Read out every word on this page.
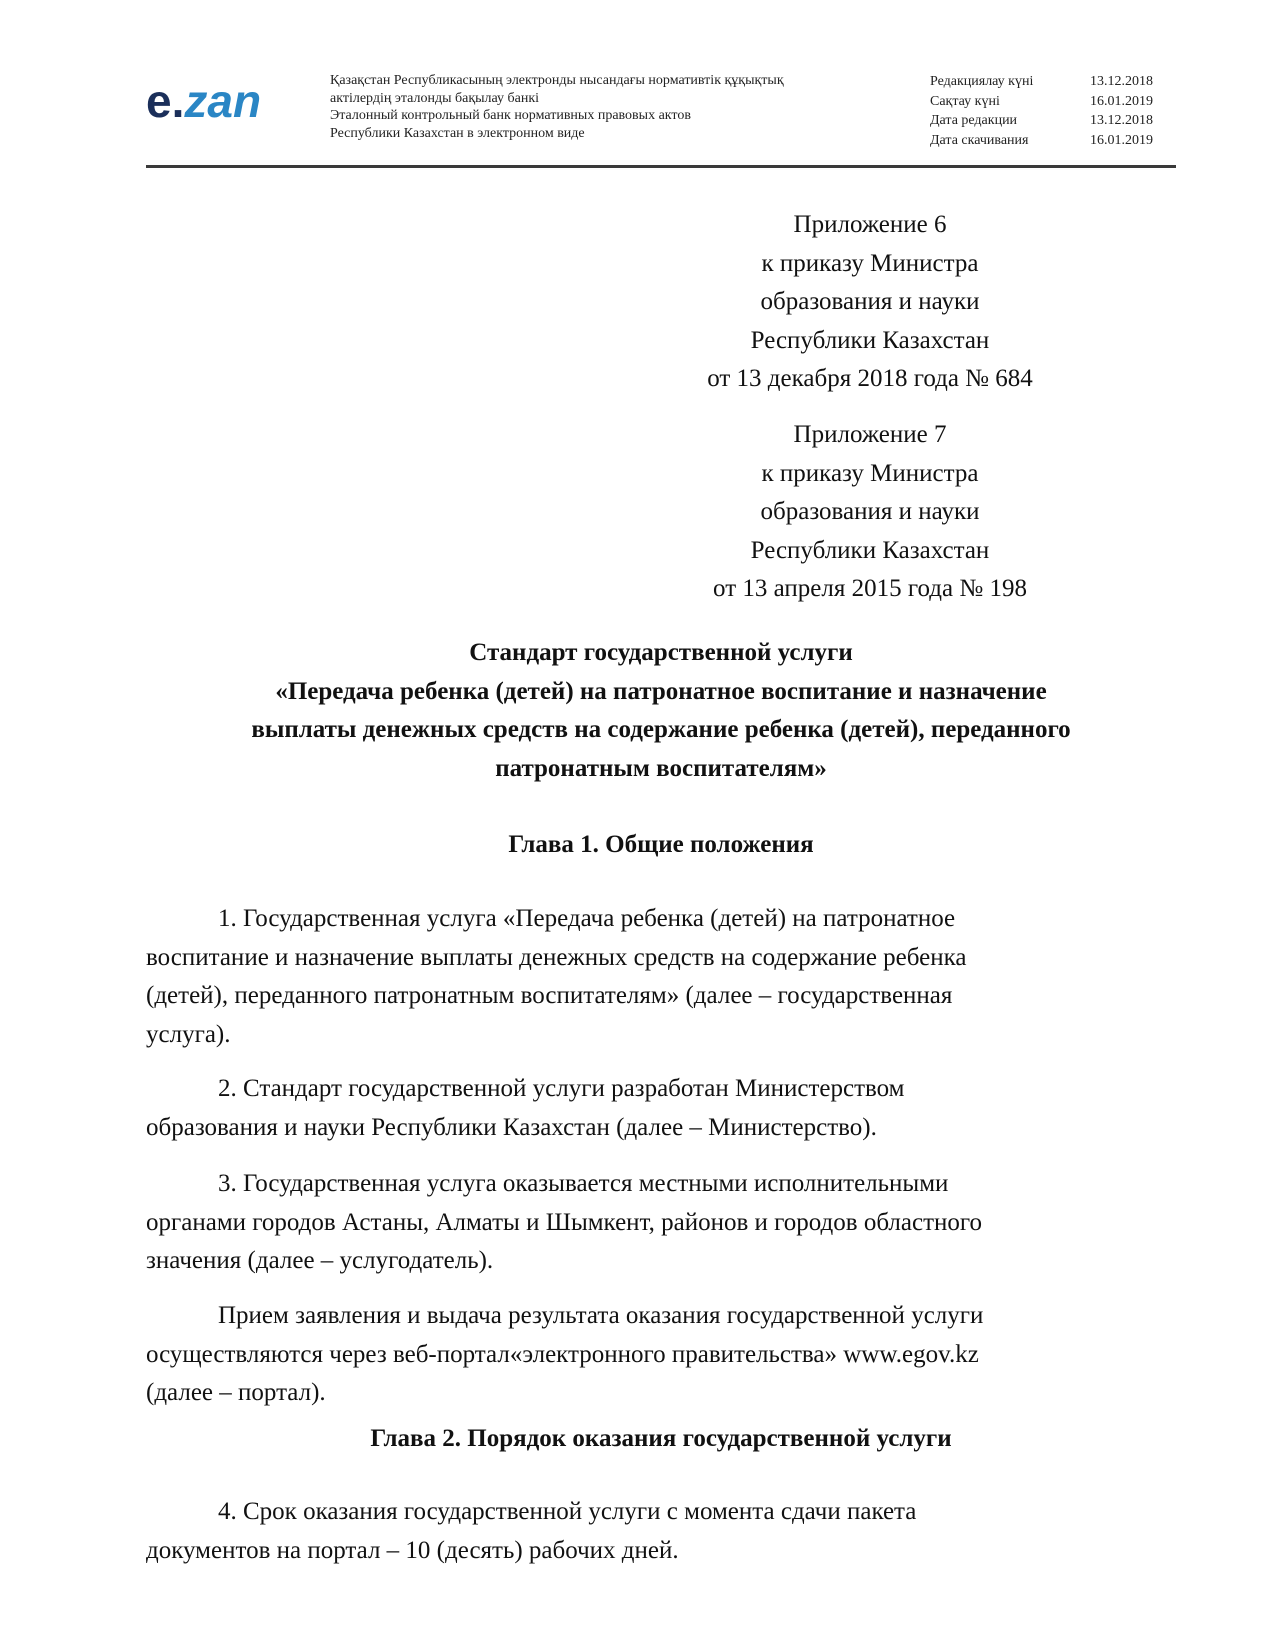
e.zan	Қазақстан Республикасының электронды нысандағы нормативтік құқықтық
актілердің эталонды бақылау банкі
Эталонный контрольный банк нормативных правовых актов
Республики Казахстан в электронном виде
Редакциялау күні	13.12.2018
Сақтау күні	16.01.2019
Дата редакции	13.12.2018
Дата скачивания	16.01.2019
Приложение 6
к приказу Министра
образования и науки
Республики Казахстан
от 13 декабря 2018 года № 684
Приложение 7
к приказу Министра
образования и науки
Республики Казахстан
от 13 апреля 2015 года № 198
Стандарт государственной услуги
«Передача ребенка (детей) на патронатное воспитание и назначение
выплаты денежных средств на содержание ребенка (детей), переданного
патронатным воспитателям»
Глава 1. Общие положения
1. Государственная услуга «Передача ребенка (детей) на патронатное
воспитание и назначение выплаты денежных средств на содержание ребенка
(детей), переданного патронатным воспитателям» (далее – государственная
услуга).
2. Стандарт государственной услуги разработан Министерством
образования и науки Республики Казахстан (далее – Министерство).
3. Государственная услуга оказывается местными исполнительными
органами городов Астаны, Алматы и Шымкент, районов и городов областного
значения (далее – услугодатель).
Прием заявления и выдача результата оказания государственной услуги
осуществляются через веб-портал«электронного правительства» www.egov.kz
(далее – портал).
Глава 2. Порядок оказания государственной услуги
4. Срок оказания государственной услуги с момента сдачи пакета
документов на портал – 10 (десять) рабочих дней.
